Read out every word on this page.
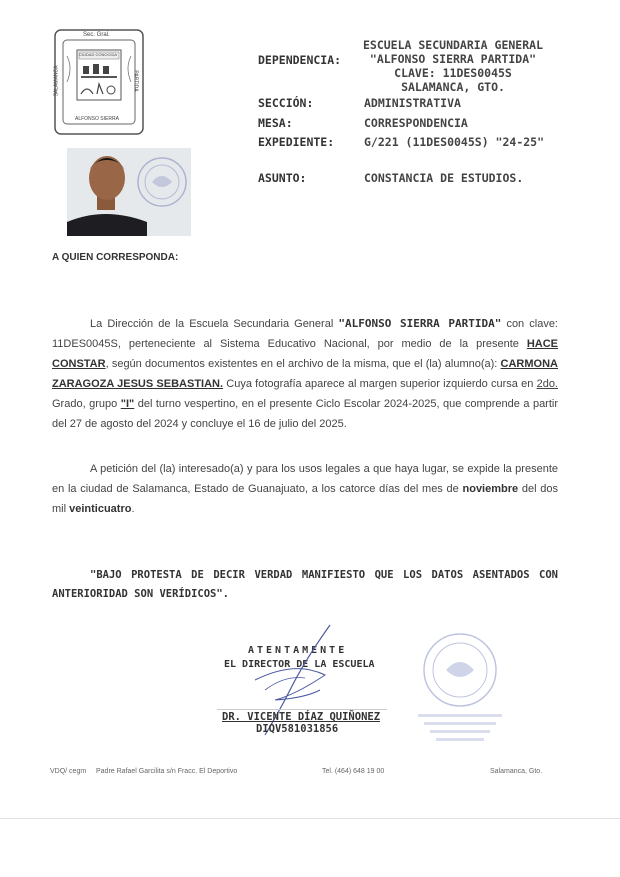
Sec. Gral.
CIUDAD CONOCIDA
SALAMANCA	PARTIDA
ALFONSO SIERRA
DEPENDENCIA:
ESCUELA SECUNDARIA GENERAL
"ALFONSO SIERRA PARTIDA"
CLAVE: 11DES0045S
SALAMANCA, GTO.
SECCIÓN:	ADMINISTRATIVA
MESA:	CORRESPONDENCIA
EXPEDIENTE:	G/221 (11DES0045S) "24-25"
ASUNTO:	CONSTANCIA DE ESTUDIOS.
A QUIEN CORRESPONDA:
La Dirección de la Escuela Secundaria General "ALFONSO SIERRA PARTIDA" con clave: 11DES0045S, perteneciente al Sistema Educativo Nacional, por medio de la presente HACE CONSTAR, según documentos existentes en el archivo de la misma, que el (la) alumno(a): CARMONA ZARAGOZA JESUS SEBASTIAN. Cuya fotografía aparece al margen superior izquierdo cursa en 2do. Grado, grupo "I" del turno vespertino, en el presente Ciclo Escolar 2024-2025, que comprende a partir del 27 de agosto del 2024 y concluye el 16 de julio del 2025.
A petición del (la) interesado(a) y para los usos legales a que haya lugar, se expide la presente en la ciudad de Salamanca, Estado de Guanajuato, a los catorce días del mes de noviembre del dos mil veinticuatro.
"BAJO PROTESTA DE DECIR VERDAD MANIFIESTO QUE LOS DATOS ASENTADOS CON ANTERIORIDAD SON VERÍDICOS".
ATENTAMENTE
EL DIRECTOR DE LA ESCUELA
DR. VICENTE DÍAZ QUIÑONEZ
DIQV581031856
VDQ/ cegm Padre Rafael Garcilita s/n Fracc. El Deportivo	Tel. (464) 648 19 00	Salamanca, Gto.
